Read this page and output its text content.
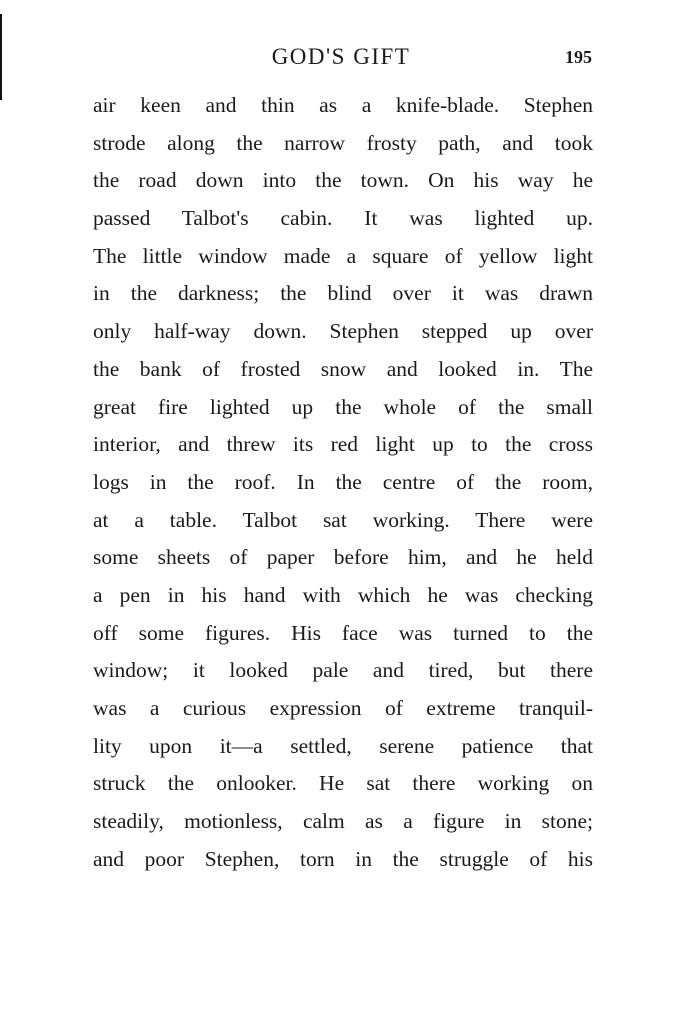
GOD'S GIFT	195
air keen and thin as a knife-blade. Stephen
strode along the narrow frosty path, and took
the road down into the town. On his way he
passed Talbot's cabin. It was lighted up.
The little window made a square of yellow light
in the darkness; the blind over it was drawn
only half-way down. Stephen stepped up over
the bank of frosted snow and looked in. The
great fire lighted up the whole of the small
interior, and threw its red light up to the cross
logs in the roof. In the centre of the room,
at a table. Talbot sat working. There were
some sheets of paper before him, and he held
a pen in his hand with which he was checking
off some figures. His face was turned to the
window; it looked pale and tired, but there
was a curious expression of extreme tranquil-
lity upon it—a settled, serene patience that
struck the onlooker. He sat there working on
steadily, motionless, calm as a figure in stone;
and poor Stephen, torn in the struggle of his
